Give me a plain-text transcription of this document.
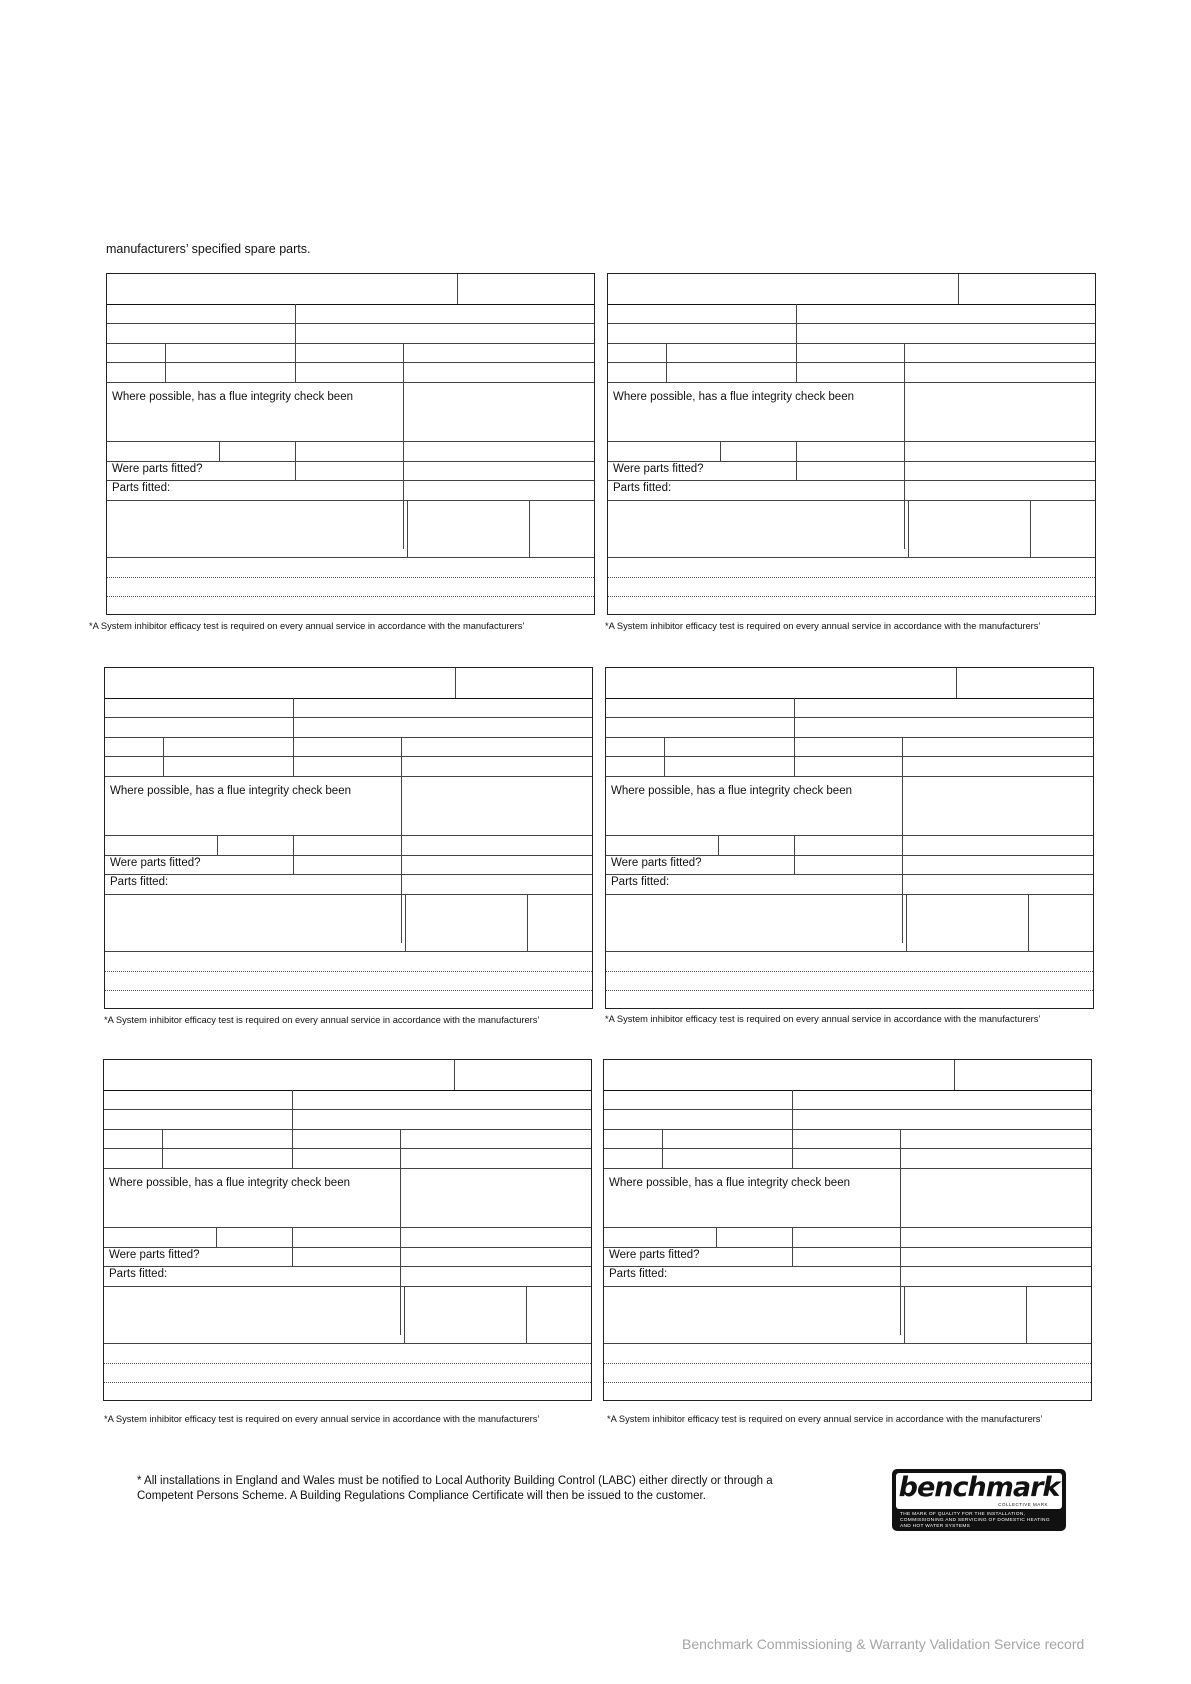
manufacturers’ specified spare parts.
Where possible, has a flue integrity check been
Were parts fitted?
Parts fitted:
*A System inhibitor efficacy test is required on every annual service in accordance with the manufacturers’
Where possible, has a flue integrity check been
Were parts fitted?
Parts fitted:
*A System inhibitor efficacy test is required on every annual service in accordance with the manufacturers’
Where possible, has a flue integrity check been
Were parts fitted?
Parts fitted:
*A System inhibitor efficacy test is required on every annual service in accordance with the manufacturers’
Where possible, has a flue integrity check been
Were parts fitted?
Parts fitted:
*A System inhibitor efficacy test is required on every annual service in accordance with the manufacturers’
Where possible, has a flue integrity check been
Were parts fitted?
Parts fitted:
*A System inhibitor efficacy test is required on every annual service in accordance with the manufacturers’
Where possible, has a flue integrity check been
Were parts fitted?
Parts fitted:
*A System inhibitor efficacy test is required on every annual service in accordance with the manufacturers’
* All installations in England and Wales must be notified to Local Authority Building Control (LABC) either directly or through a
Competent Persons Scheme. A Building Regulations Compliance Certificate will then be issued to the customer.	benchmark
COLLECTIVE MARK
THE MARK OF QUALITY FOR THE INSTALLATION, COMMISSIONING AND SERVICING OF DOMESTIC HEATING AND HOT WATER SYSTEMS
Benchmark Commissioning & Warranty Validation Service record
